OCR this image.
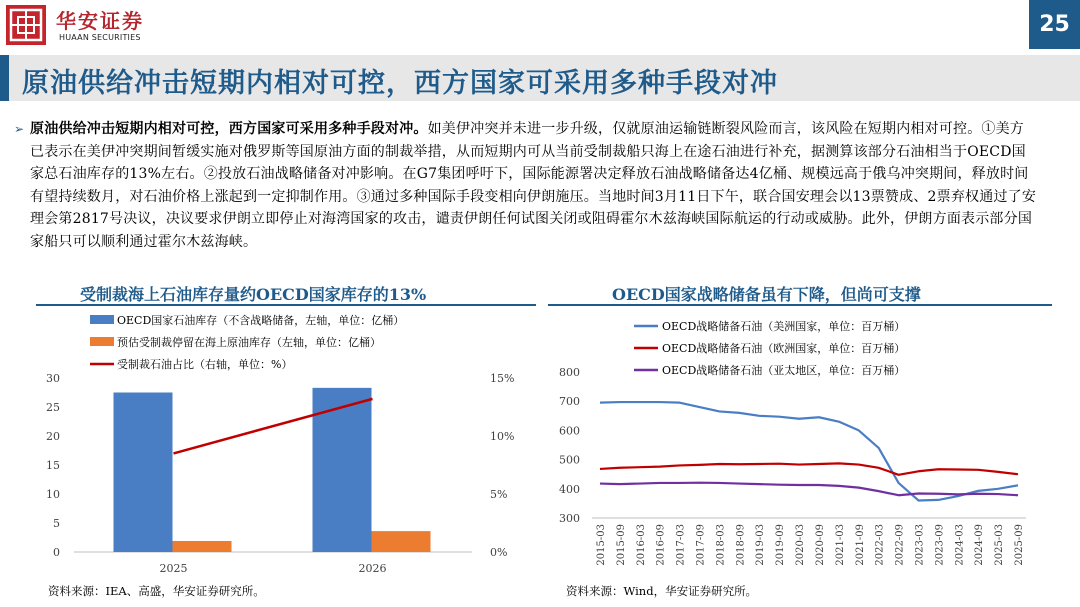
华安证券
HUAAN SECURITIES
25
原油供给冲击短期内相对可控，西方国家可采用多种手段对冲
➢ 原油供给冲击短期内相对可控，西方国家可采用多种手段对冲。如美伊冲突并未进一步升级，仅就原油运输链断裂风险而言，该风险在短期内相对可控。①美方已表示在美伊冲突期间暂缓实施对俄罗斯等国原油方面的制裁举措，从而短期内可从当前受制裁船只海上在途石油进行补充，据测算该部分石油相当于OECD国家总石油库存的13%左右。②投放石油战略储备对冲影响。在G7集团呼吁下，国际能源署决定释放石油战略储备达4亿桶、规模远高于俄乌冲突期间，释放时间有望持续数月，对石油价格上涨起到一定抑制作用。③通过多种国际手段变相向伊朗施压。当地时间3月11日下午，联合国安理会以13票赞成、2票弃权通过了安理会第2817号决议，决议要求伊朗立即停止对海湾国家的攻击，谴责伊朗任何试图关闭或阻碍霍尔木兹海峡国际航运的行动或威胁。此外，伊朗方面表示部分国家船只可以顺利通过霍尔木兹海峡。
受制裁海上石油库存量约OECD国家库存的13%	OECD国家战略储备虽有下降，但尚可支撑
OECD国家石油库存（不含战略储备，左轴，单位：亿桶）
预估受制裁停留在海上原油库存（左轴，单位：亿桶）
受制裁石油占比（右轴，单位：%）
0
5
10
15
20
25
30
0%
5%
10%
15%
2025	2026
OECD战略储备石油（美洲国家，单位：百万桶）
OECD战略储备石油（欧洲国家，单位：百万桶）
OECD战略储备石油（亚太地区，单位：百万桶）
300
400
500
600
700
800
2015-03 2015-09 2016-03 2016-09 2017-03 2017-09 2018-03 2018-09 2019-03 2019-09 2020-03 2020-09 2021-03 2021-09 2022-03 2022-09 2023-03 2023-09 2024-03 2024-09 2025-03 2025-09
资料来源：IEA、高盛，华安证券研究所。	资料来源：Wind，华安证券研究所。
